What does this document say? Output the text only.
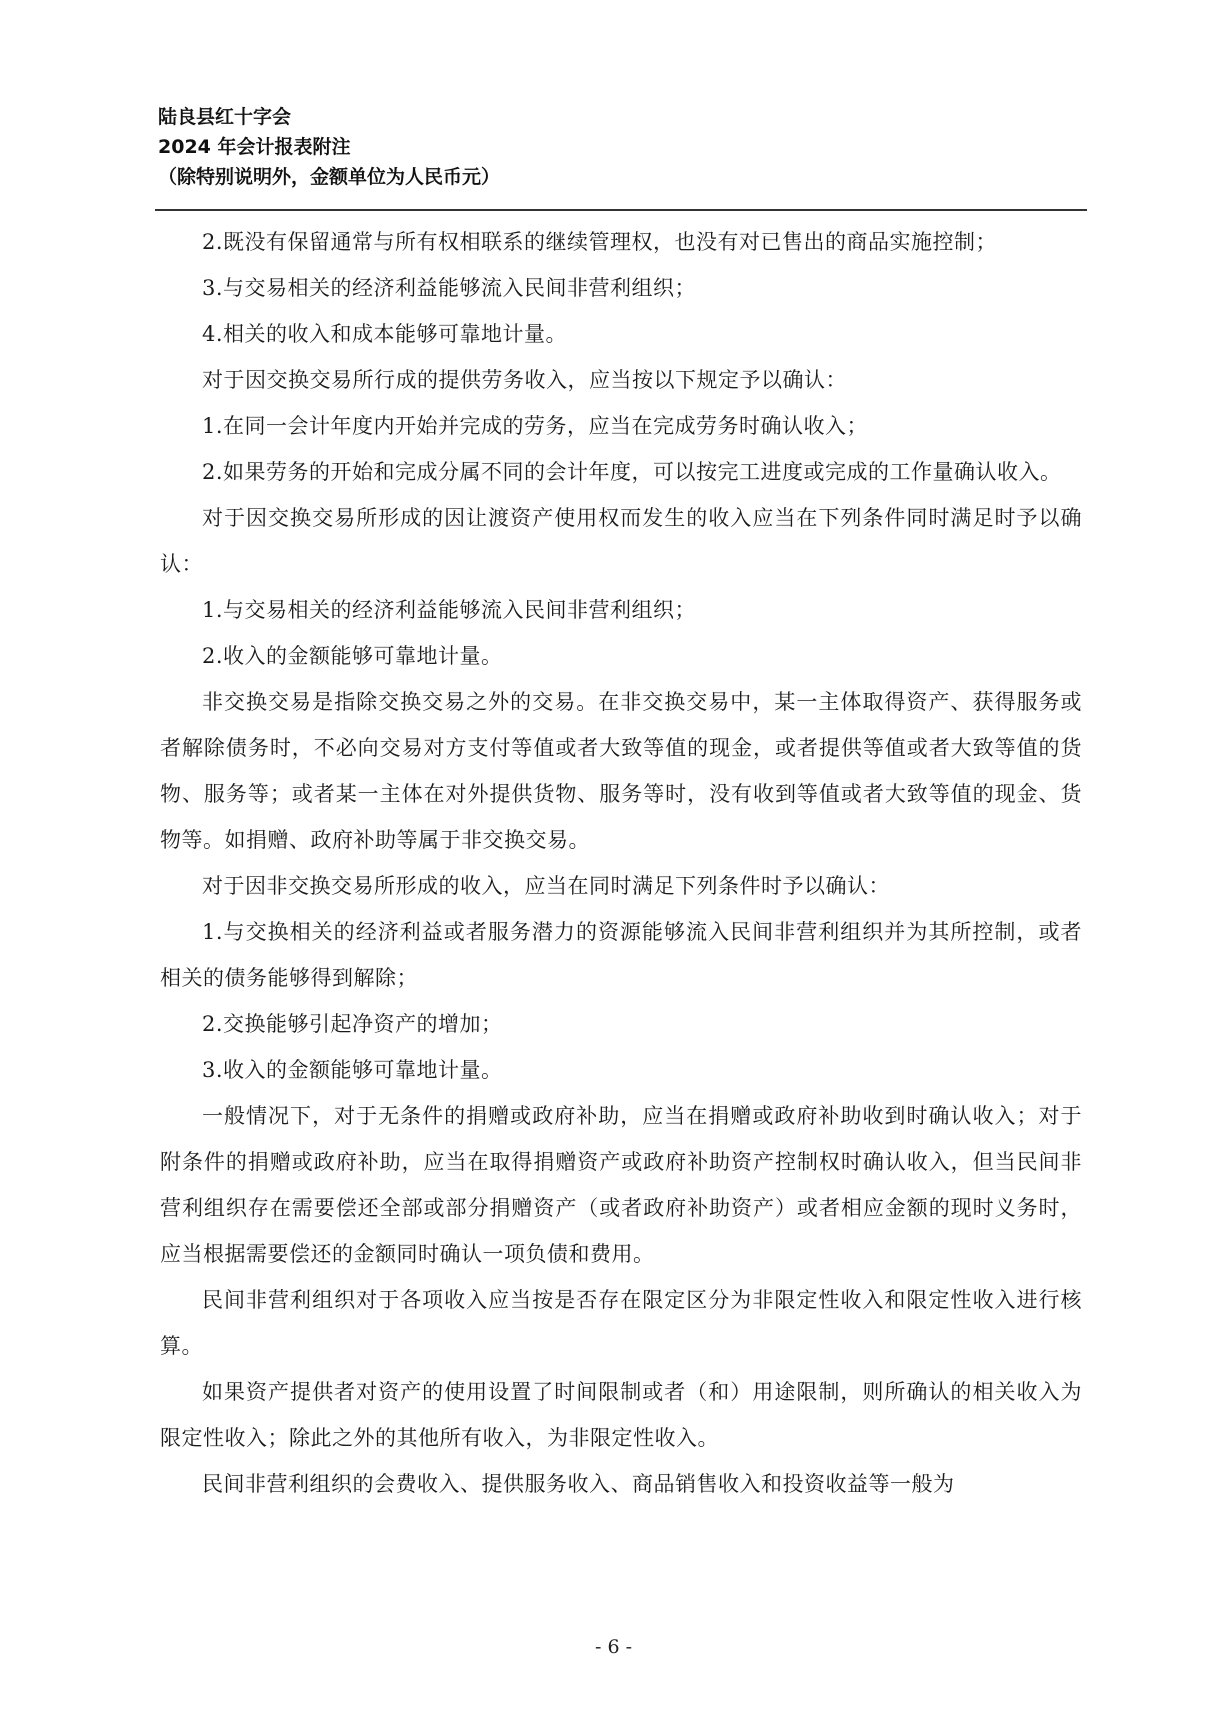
陆良县红十字会
2024 年会计报表附注
（除特别说明外，金额单位为人民币元）

2.既没有保留通常与所有权相联系的继续管理权，也没有对已售出的商品实施控制；

3.与交易相关的经济利益能够流入民间非营利组织；

4.相关的收入和成本能够可靠地计量。

对于因交换交易所行成的提供劳务收入，应当按以下规定予以确认：

1.在同一会计年度内开始并完成的劳务，应当在完成劳务时确认收入；

2.如果劳务的开始和完成分属不同的会计年度，可以按完工进度或完成的工作量确认收入。

对于因交换交易所形成的因让渡资产使用权而发生的收入应当在下列条件同时满足时予以确认：

1.与交易相关的经济利益能够流入民间非营利组织；

2.收入的金额能够可靠地计量。

非交换交易是指除交换交易之外的交易。在非交换交易中，某一主体取得资产、获得服务或者解除债务时，不必向交易对方支付等值或者大致等值的现金，或者提供等值或者大致等值的货物、服务等；或者某一主体在对外提供货物、服务等时，没有收到等值或者大致等值的现金、货物等。如捐赠、政府补助等属于非交换交易。

对于因非交换交易所形成的收入，应当在同时满足下列条件时予以确认：

1.与交换相关的经济利益或者服务潜力的资源能够流入民间非营利组织并为其所控制，或者相关的债务能够得到解除；

2.交换能够引起净资产的增加；

3.收入的金额能够可靠地计量。

一般情况下，对于无条件的捐赠或政府补助，应当在捐赠或政府补助收到时确认收入；对于附条件的捐赠或政府补助，应当在取得捐赠资产或政府补助资产控制权时确认收入，但当民间非营利组织存在需要偿还全部或部分捐赠资产（或者政府补助资产）或者相应金额的现时义务时，应当根据需要偿还的金额同时确认一项负债和费用。

民间非营利组织对于各项收入应当按是否存在限定区分为非限定性收入和限定性收入进行核算。

如果资产提供者对资产的使用设置了时间限制或者（和）用途限制，则所确认的相关收入为限定性收入；除此之外的其他所有收入，为非限定性收入。

民间非营利组织的会费收入、提供服务收入、商品销售收入和投资收益等一般为

- 6 -
